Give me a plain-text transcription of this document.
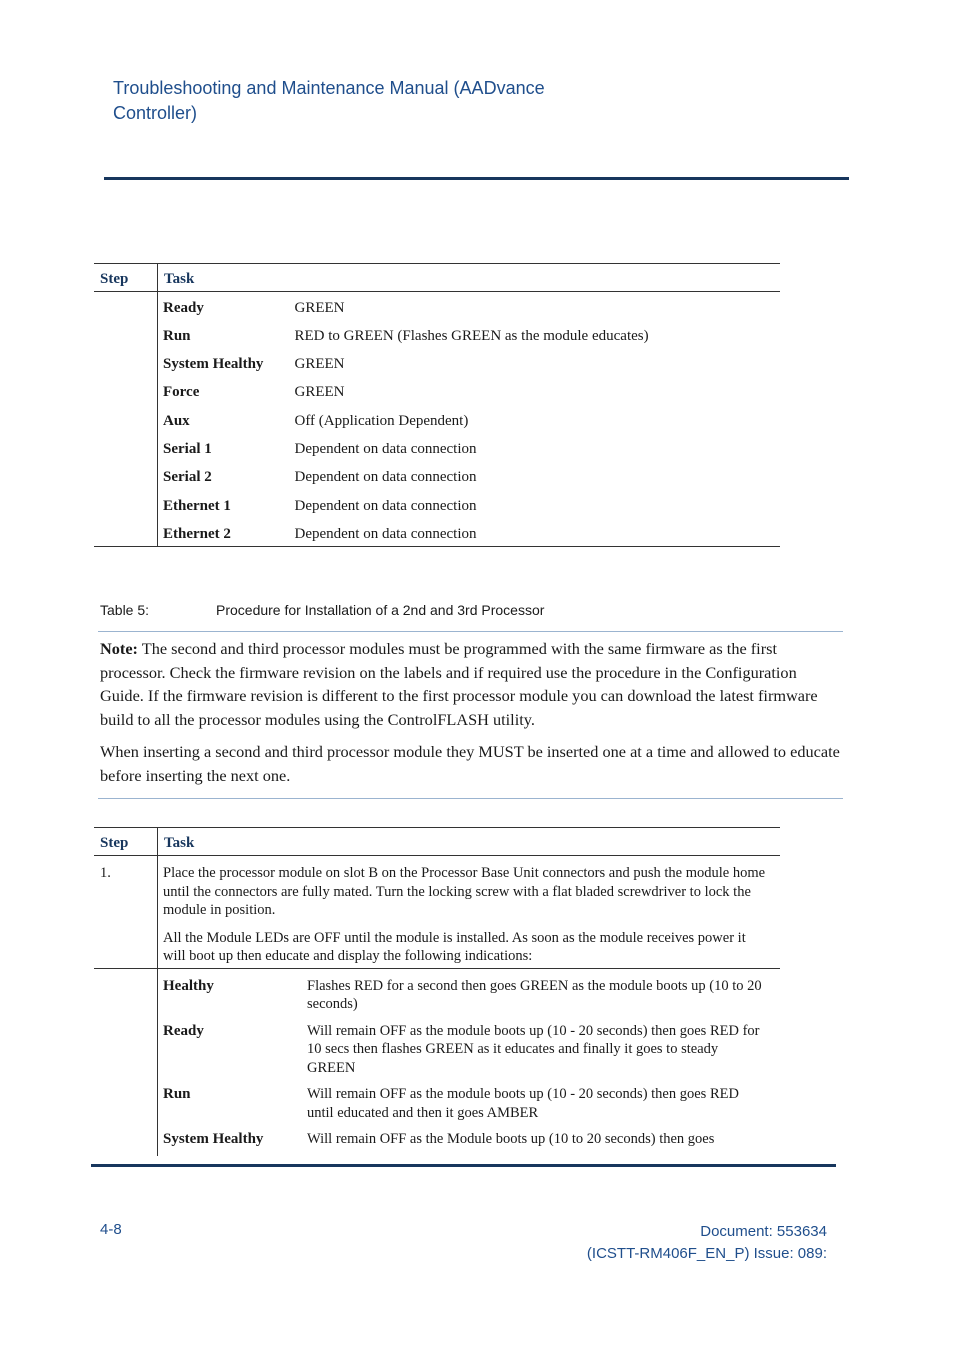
Troubleshooting and Maintenance Manual (AADvance Controller)
Step	Task	
	Ready	GREEN
	Run	RED to GREEN (Flashes GREEN as the module educates)
	System Healthy	GREEN
	Force	GREEN
	Aux	Off (Application Dependent)
	Serial 1	Dependent on data connection
	Serial 2	Dependent on data connection
	Ethernet 1	Dependent on data connection
	Ethernet 2	Dependent on data connection
Table 5:	Procedure for Installation of a 2nd and 3rd Processor

Note: The second and third processor modules must be programmed with the same firmware as the first processor. Check the firmware revision on the labels and if required use the procedure in the Configuration Guide. If the firmware revision is different to the first processor module you can download the latest firmware build to all the processor modules using the ControlFLASH utility.

When inserting a second and third processor module they MUST be inserted one at a time and allowed to educate before inserting the next one.

Step	Task	
1.	Place the processor module on slot B on the Processor Base Unit connectors and push the module home until the connectors are fully mated. Turn the locking screw with a flat bladed screwdriver to lock the module in position.

All the Module LEDs are OFF until the module is installed. As soon as the module receives power it will boot up then educate and display the following indications:	

	Healthy	Flashes RED for a second then goes GREEN as the module boots up (10 to 20 seconds)
	Ready	Will remain OFF as the module boots up (10 - 20 seconds) then goes RED for 10 secs then flashes GREEN as it educates and finally it goes to steady GREEN
	Run	Will remain OFF as the module boots up (10 - 20 seconds) then goes RED until educated and then it goes AMBER
	System Healthy	Will remain OFF as the Module boots up (10 to 20 seconds) then goes
4-8	Document: 553634
(ICSTT-RM406F_EN_P) Issue: 089:
